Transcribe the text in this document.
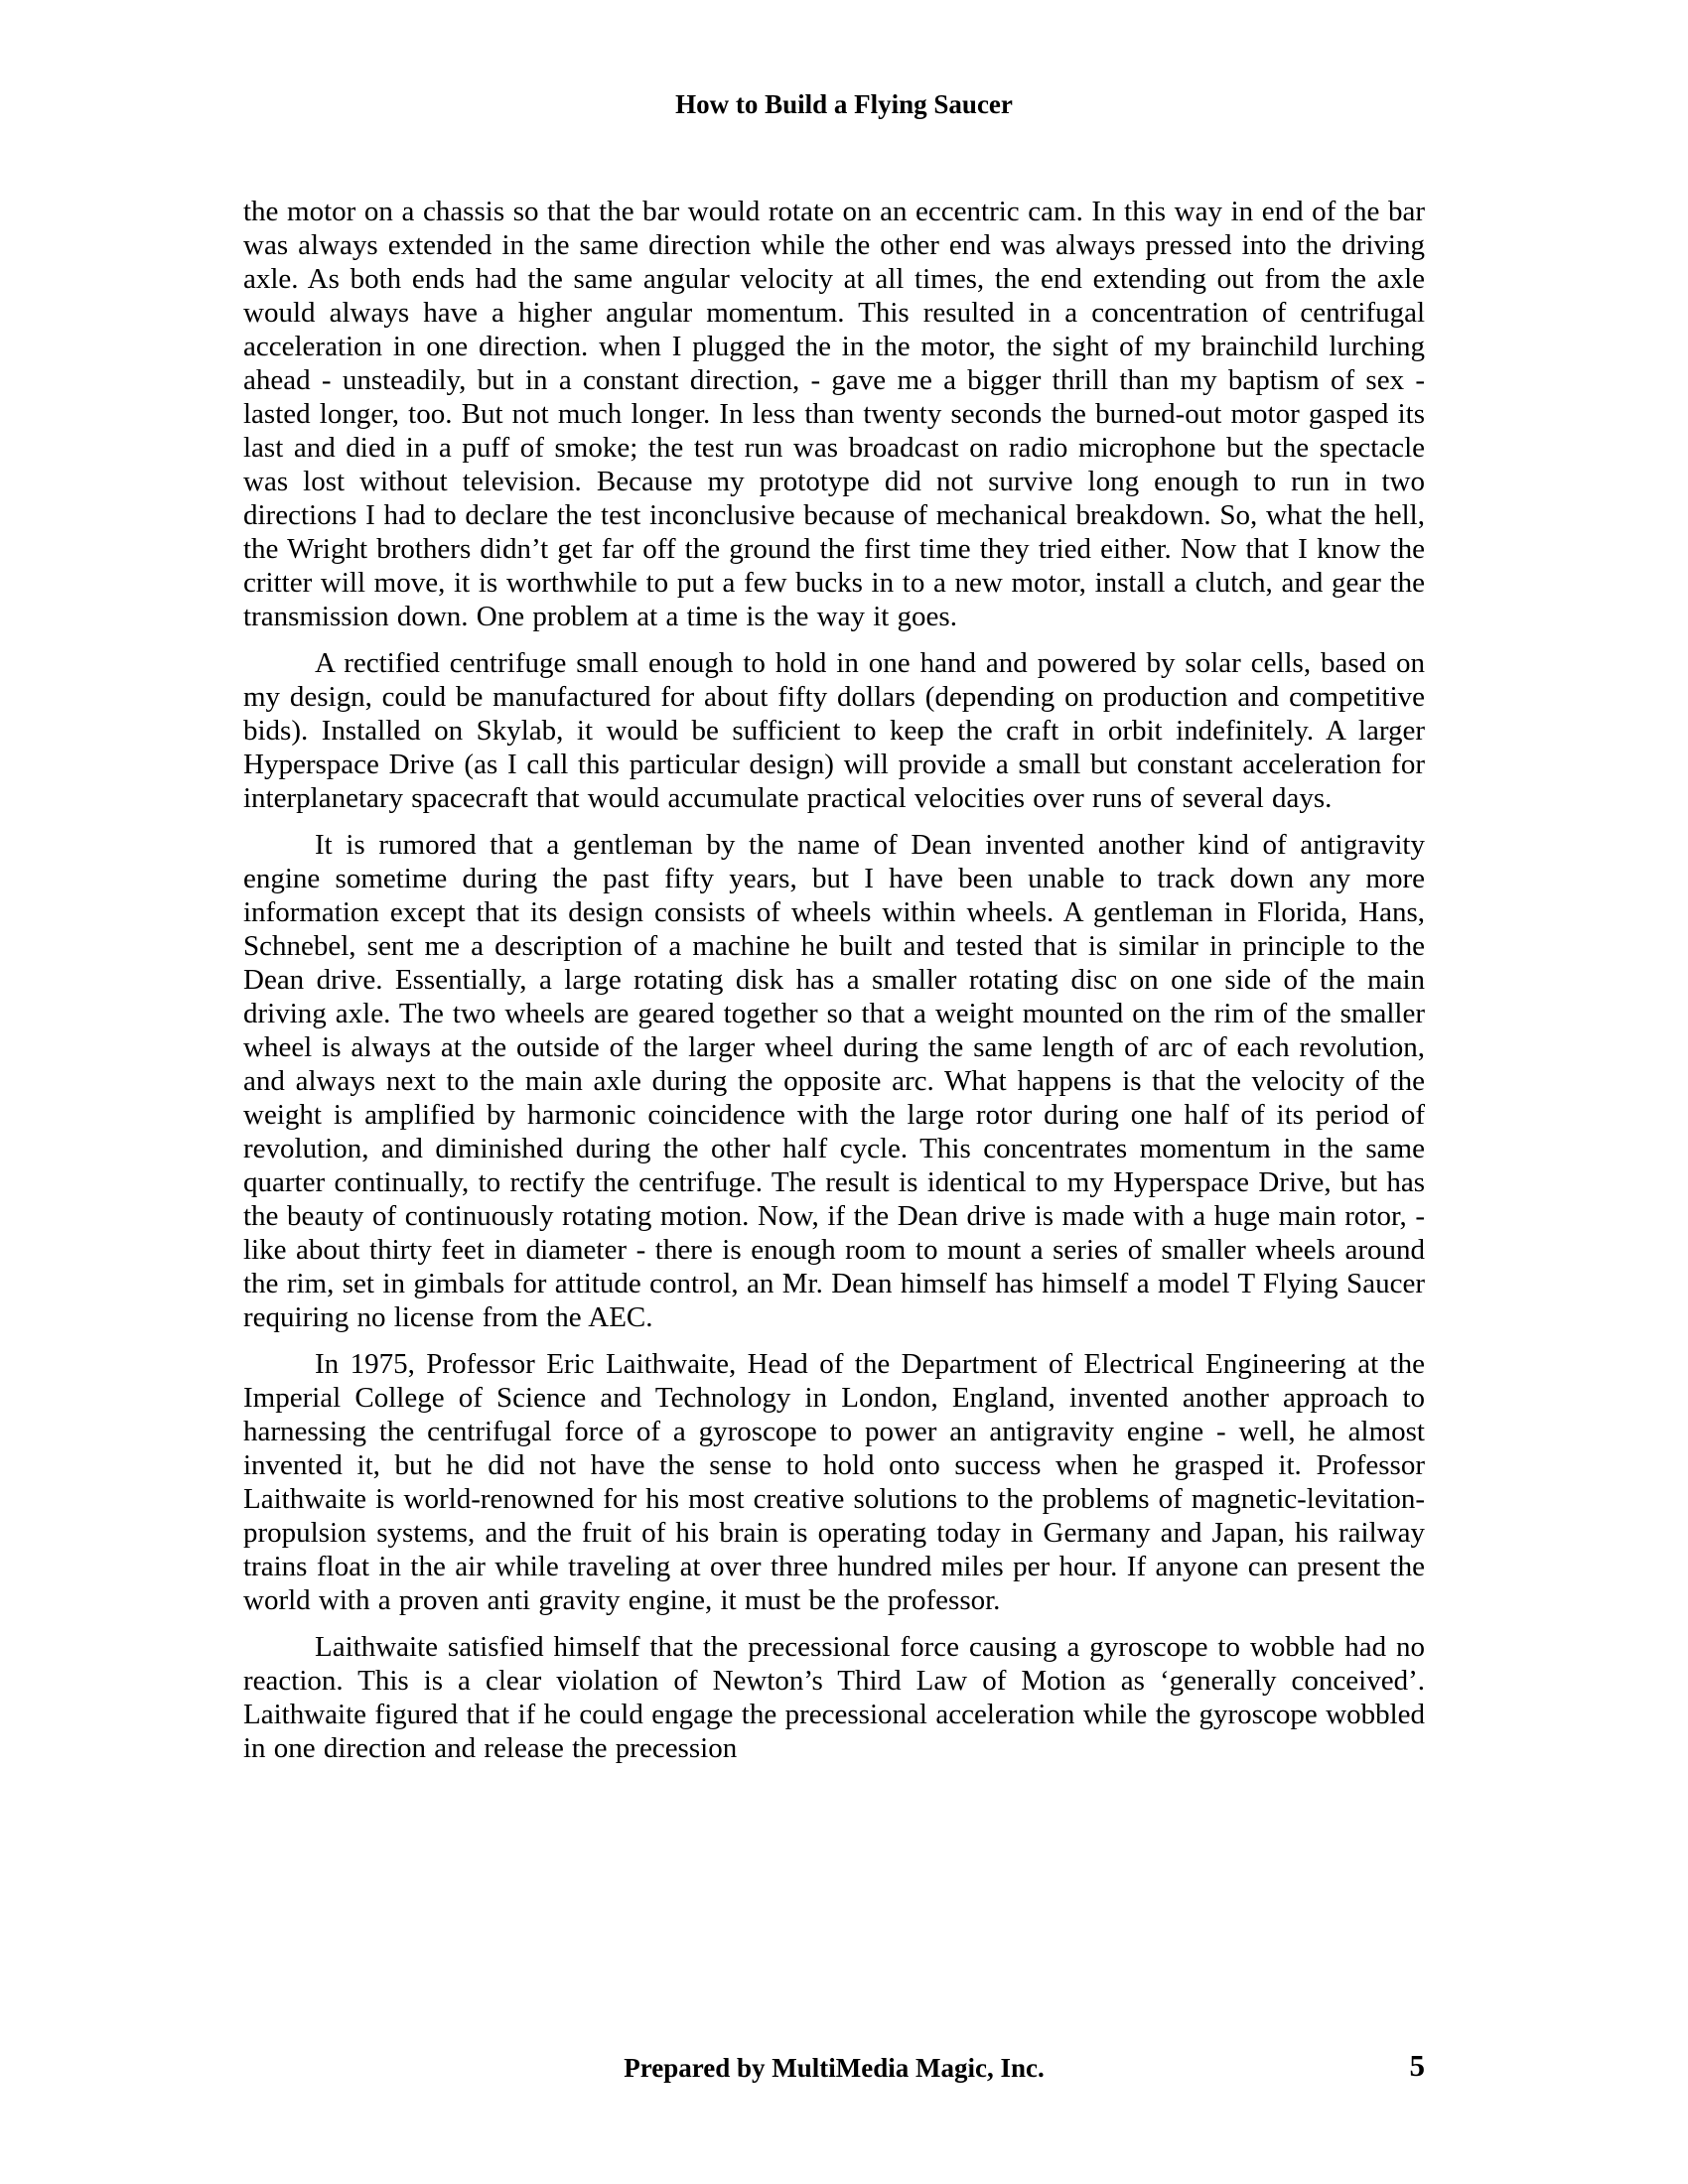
How to Build a Flying Saucer

the motor on a chassis so that the bar would rotate on an eccentric cam. In this way in end of the bar was always extended in the same direction while the other end was always pressed into the driving axle. As both ends had the same angular velocity at all times, the end extending out from the axle would always have a higher angular momentum. This resulted in a concentration of centrifugal acceleration in one direction. when I plugged the in the motor, the sight of my brainchild lurching ahead - unsteadily, but in a constant direction, - gave me a bigger thrill than my baptism of sex - lasted longer, too. But not much longer. In less than twenty seconds the burned-out motor gasped its last and died in a puff of smoke; the test run was broadcast on radio microphone but the spectacle was lost without television. Because my prototype did not survive long enough to run in two directions I had to declare the test inconclusive because of mechanical breakdown. So, what the hell, the Wright brothers didn’t get far off the ground the first time they tried either. Now that I know the critter will move, it is worthwhile to put a few bucks in to a new motor, install a clutch, and gear the transmission down. One problem at a time is the way it goes.

A rectified centrifuge small enough to hold in one hand and powered by solar cells, based on my design, could be manufactured for about fifty dollars (depending on production and competitive bids). Installed on Skylab, it would be sufficient to keep the craft in orbit indefinitely. A larger Hyperspace Drive (as I call this particular design) will provide a small but constant acceleration for interplanetary spacecraft that would accumulate practical velocities over runs of several days.

It is rumored that a gentleman by the name of Dean invented another kind of antigravity engine sometime during the past fifty years, but I have been unable to track down any more information except that its design consists of wheels within wheels. A gentleman in Florida, Hans, Schnebel, sent me a description of a machine he built and tested that is similar in principle to the Dean drive. Essentially, a large rotating disk has a smaller rotating disc on one side of the main driving axle. The two wheels are geared together so that a weight mounted on the rim of the smaller wheel is always at the outside of the larger wheel during the same length of arc of each revolution, and always next to the main axle during the opposite arc. What happens is that the velocity of the weight is amplified by harmonic coincidence with the large rotor during one half of its period of revolution, and diminished during the other half cycle. This concentrates momentum in the same quarter continually, to rectify the centrifuge. The result is identical to my Hyperspace Drive, but has the beauty of continuously rotating motion. Now, if the Dean drive is made with a huge main rotor, - like about thirty feet in diameter - there is enough room to mount a series of smaller wheels around the rim, set in gimbals for attitude control, an Mr. Dean himself has himself a model T Flying Saucer requiring no license from the AEC.

In 1975, Professor Eric Laithwaite, Head of the Department of Electrical Engineering at the Imperial College of Science and Technology in London, England, invented another approach to harnessing the centrifugal force of a gyroscope to power an antigravity engine - well, he almost invented it, but he did not have the sense to hold onto success when he grasped it. Professor Laithwaite is world-renowned for his most creative solutions to the problems of magnetic-levitation-propulsion systems, and the fruit of his brain is operating today in Germany and Japan, his railway trains float in the air while traveling at over three hundred miles per hour. If anyone can present the world with a proven anti gravity engine, it must be the professor.

Laithwaite satisfied himself that the precessional force causing a gyroscope to wobble had no reaction. This is a clear violation of Newton’s Third Law of Motion as ‘generally conceived’. Laithwaite figured that if he could engage the precessional acceleration while the gyroscope wobbled in one direction and release the precession

Prepared by MultiMedia Magic, Inc.	5
